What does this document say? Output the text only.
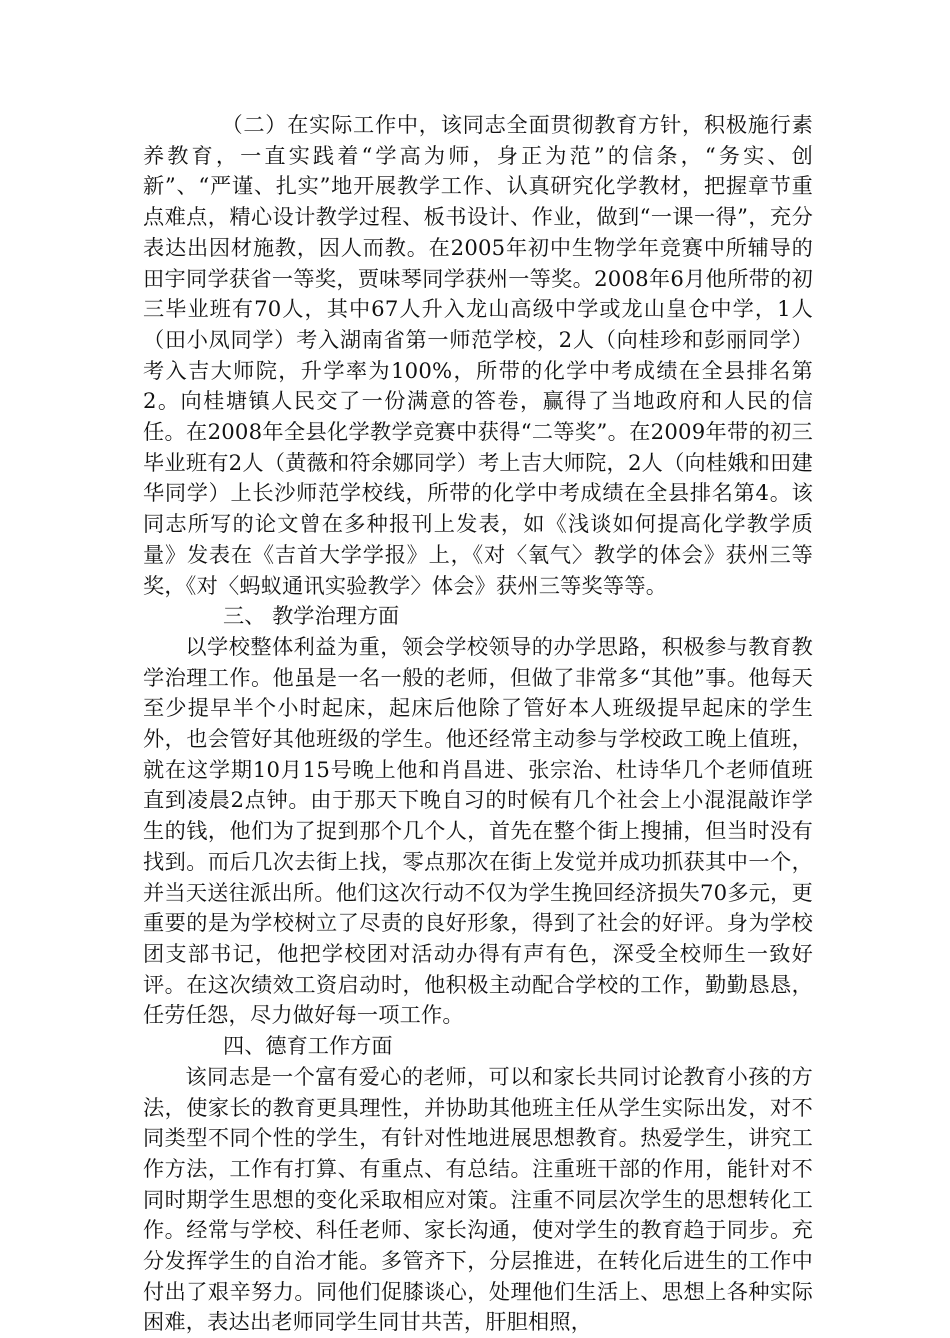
（二）在实际工作中，该同志全面贯彻教育方针，积极施行素养教育，一直实践着“学高为师，身正为范”的信条，“务实、创新”、“严谨、扎实”地开展教学工作、认真研究化学教材，把握章节重点难点，精心设计教学过程、板书设计、作业，做到“一课一得”，充分表达出因材施教，因人而教。在2005年初中生物学年竞赛中所辅导的田宇同学获省一等奖，贾味琴同学获州一等奖。2008年6月他所带的初三毕业班有70人，其中67人升入龙山高级中学或龙山皇仓中学，1人（田小凤同学）考入湖南省第一师范学校，2人（向桂珍和彭丽同学）考入吉大师院，升学率为100%，所带的化学中考成绩在全县排名第2。向桂塘镇人民交了一份满意的答卷，赢得了当地政府和人民的信任。在2008年全县化学教学竞赛中获得“二等奖”。在2009年带的初三毕业班有2人（黄薇和符余娜同学）考上吉大师院，2人（向桂娥和田建华同学）上长沙师范学校线，所带的化学中考成绩在全县排名第4。该同志所写的论文曾在多种报刊上发表，如《浅谈如何提高化学教学质量》发表在《吉首大学学报》上，《对〈氧气〉教学的体会》获州三等奖，《对〈蚂蚁通讯实验教学〉体会》获州三等奖等等。

三、 教学治理方面

以学校整体利益为重，领会学校领导的办学思路，积极参与教育教学治理工作。他虽是一名一般的老师，但做了非常多“其他”事。他每天至少提早半个小时起床，起床后他除了管好本人班级提早起床的学生外，也会管好其他班级的学生。他还经常主动参与学校政工晚上值班，就在这学期10月15号晚上他和肖昌进、张宗治、杜诗华几个老师值班直到凌晨2点钟。由于那天下晚自习的时候有几个社会上小混混敲诈学生的钱，他们为了捉到那个几个人，首先在整个街上搜捕，但当时没有找到。而后几次去街上找，零点那次在街上发觉并成功抓获其中一个，并当天送往派出所。他们这次行动不仅为学生挽回经济损失70多元，更重要的是为学校树立了尽责的良好形象，得到了社会的好评。身为学校团支部书记，他把学校团对活动办得有声有色，深受全校师生一致好评。在这次绩效工资启动时，他积极主动配合学校的工作，勤勤恳恳，任劳任怨，尽力做好每一项工作。

四、德育工作方面

该同志是一个富有爱心的老师，可以和家长共同讨论教育小孩的方法，使家长的教育更具理性，并协助其他班主任从学生实际出发，对不同类型不同个性的学生，有针对性地进展思想教育。热爱学生，讲究工作方法，工作有打算、有重点、有总结。注重班干部的作用，能针对不同时期学生思想的变化采取相应对策。注重不同层次学生的思想转化工作。经常与学校、科任老师、家长沟通，使对学生的教育趋于同步。充分发挥学生的自治才能。多管齐下，分层推进，在转化后进生的工作中付出了艰辛努力。同他们促膝谈心，处理他们生活上、思想上各种实际困难，表达出老师同学生同甘共苦，肝胆相照，
